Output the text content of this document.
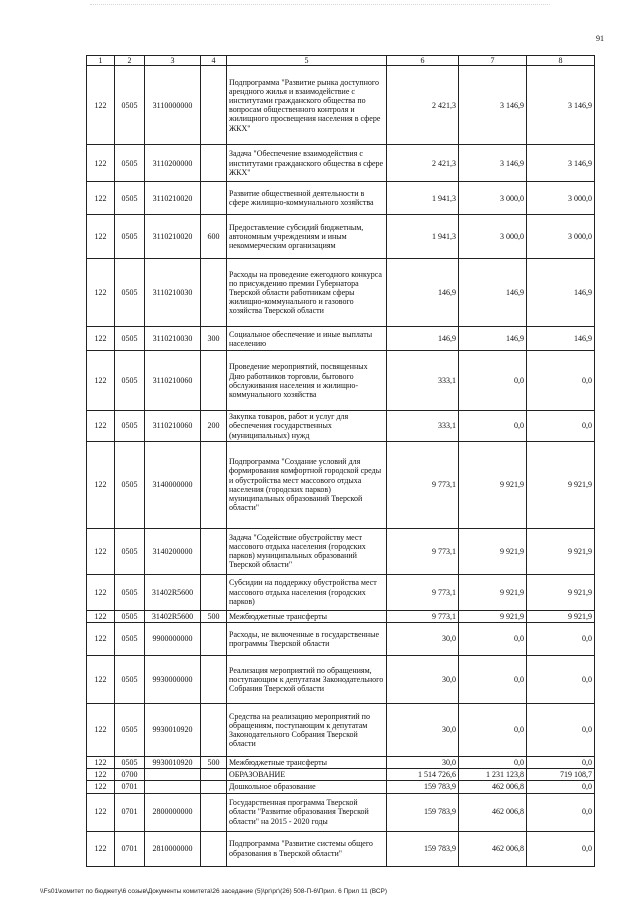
91
1	2	3	4	5	6	7	8
122	0505	3110000000		Подпрограмма "Развитие рынка доступного арендного жилья и взаимодействие с институтами гражданского общества по вопросам общественного контроля и жилищного просвещения населения в сфере ЖКХ"	2 421,3	3 146,9	3 146,9
122	0505	3110200000		Задача "Обеспечение взаимодействия с институтами гражданского общества в сфере ЖКХ"	2 421,3	3 146,9	3 146,9
122	0505	3110210020		Развитие общественной деятельности в сфере жилищно-коммунального хозяйства	1 941,3	3 000,0	3 000,0
122	0505	3110210020	600	Предоставление субсидий бюджетным, автономным учреждениям и иным некоммерческим организациям	1 941,3	3 000,0	3 000,0
122	0505	3110210030		Расходы на проведение ежегодного конкурса по присуждению премии Губернатора Тверской области работникам сферы жилищно-коммунального и газового хозяйства Тверской области	146,9	146,9	146,9
122	0505	3110210030	300	Социальное обеспечение и иные выплаты населению	146,9	146,9	146,9
122	0505	3110210060		Проведение мероприятий, посвященных Дню работников торговли, бытового обслуживания населения и жилищно-коммунального хозяйства	333,1	0,0	0,0
122	0505	3110210060	200	Закупка товаров, работ и услуг для обеспечения государственных (муниципальных) нужд	333,1	0,0	0,0
122	0505	3140000000		Подпрограмма "Создание условий для формирования комфортной городской среды и обустройства мест массового отдыха населения (городских парков) муниципальных образований Тверской области"	9 773,1	9 921,9	9 921,9
122	0505	3140200000		Задача "Содействие обустройству мест массового отдыха населения (городских парков) муниципальных образований Тверской области"	9 773,1	9 921,9	9 921,9
122	0505	31402R5600		Субсидии на поддержку обустройства мест массового отдыха населения (городских парков)	9 773,1	9 921,9	9 921,9
122	0505	31402R5600	500	Межбюджетные трансферты	9 773,1	9 921,9	9 921,9
122	0505	9900000000		Расходы, не включенные в государственные программы Тверской области	30,0	0,0	0,0
122	0505	9930000000		Реализация мероприятий по обращениям, поступающим к депутатам Законодательного Собрания Тверской области	30,0	0,0	0,0
122	0505	9930010920		Средства на реализацию мероприятий по обращениям, поступающим к депутатам Законодательного Собрания Тверской области	30,0	0,0	0,0
122	0505	9930010920	500	Межбюджетные трансферты	30,0	0,0	0,0
122	0700			ОБРАЗОВАНИЕ	1 514 726,6	1 231 123,8	719 108,7
122	0701			Дошкольное образование	159 783,9	462 006,8	0,0
122	0701	2800000000		Государственная программа Тверской области "Развитие образования Тверской области" на 2015 - 2020 годы	159 783,9	462 006,8	0,0
122	0701	2810000000		Подпрограмма "Развитие системы общего образования в Тверской области"	159 783,9	462 006,8	0,0
\\Fs01\комитет по бюджету\6 созыв\Документы комитета\26 заседание (5)\рг\рг\(26) 508-П-6\Прил. 6 Прил 11 (ВСР)
